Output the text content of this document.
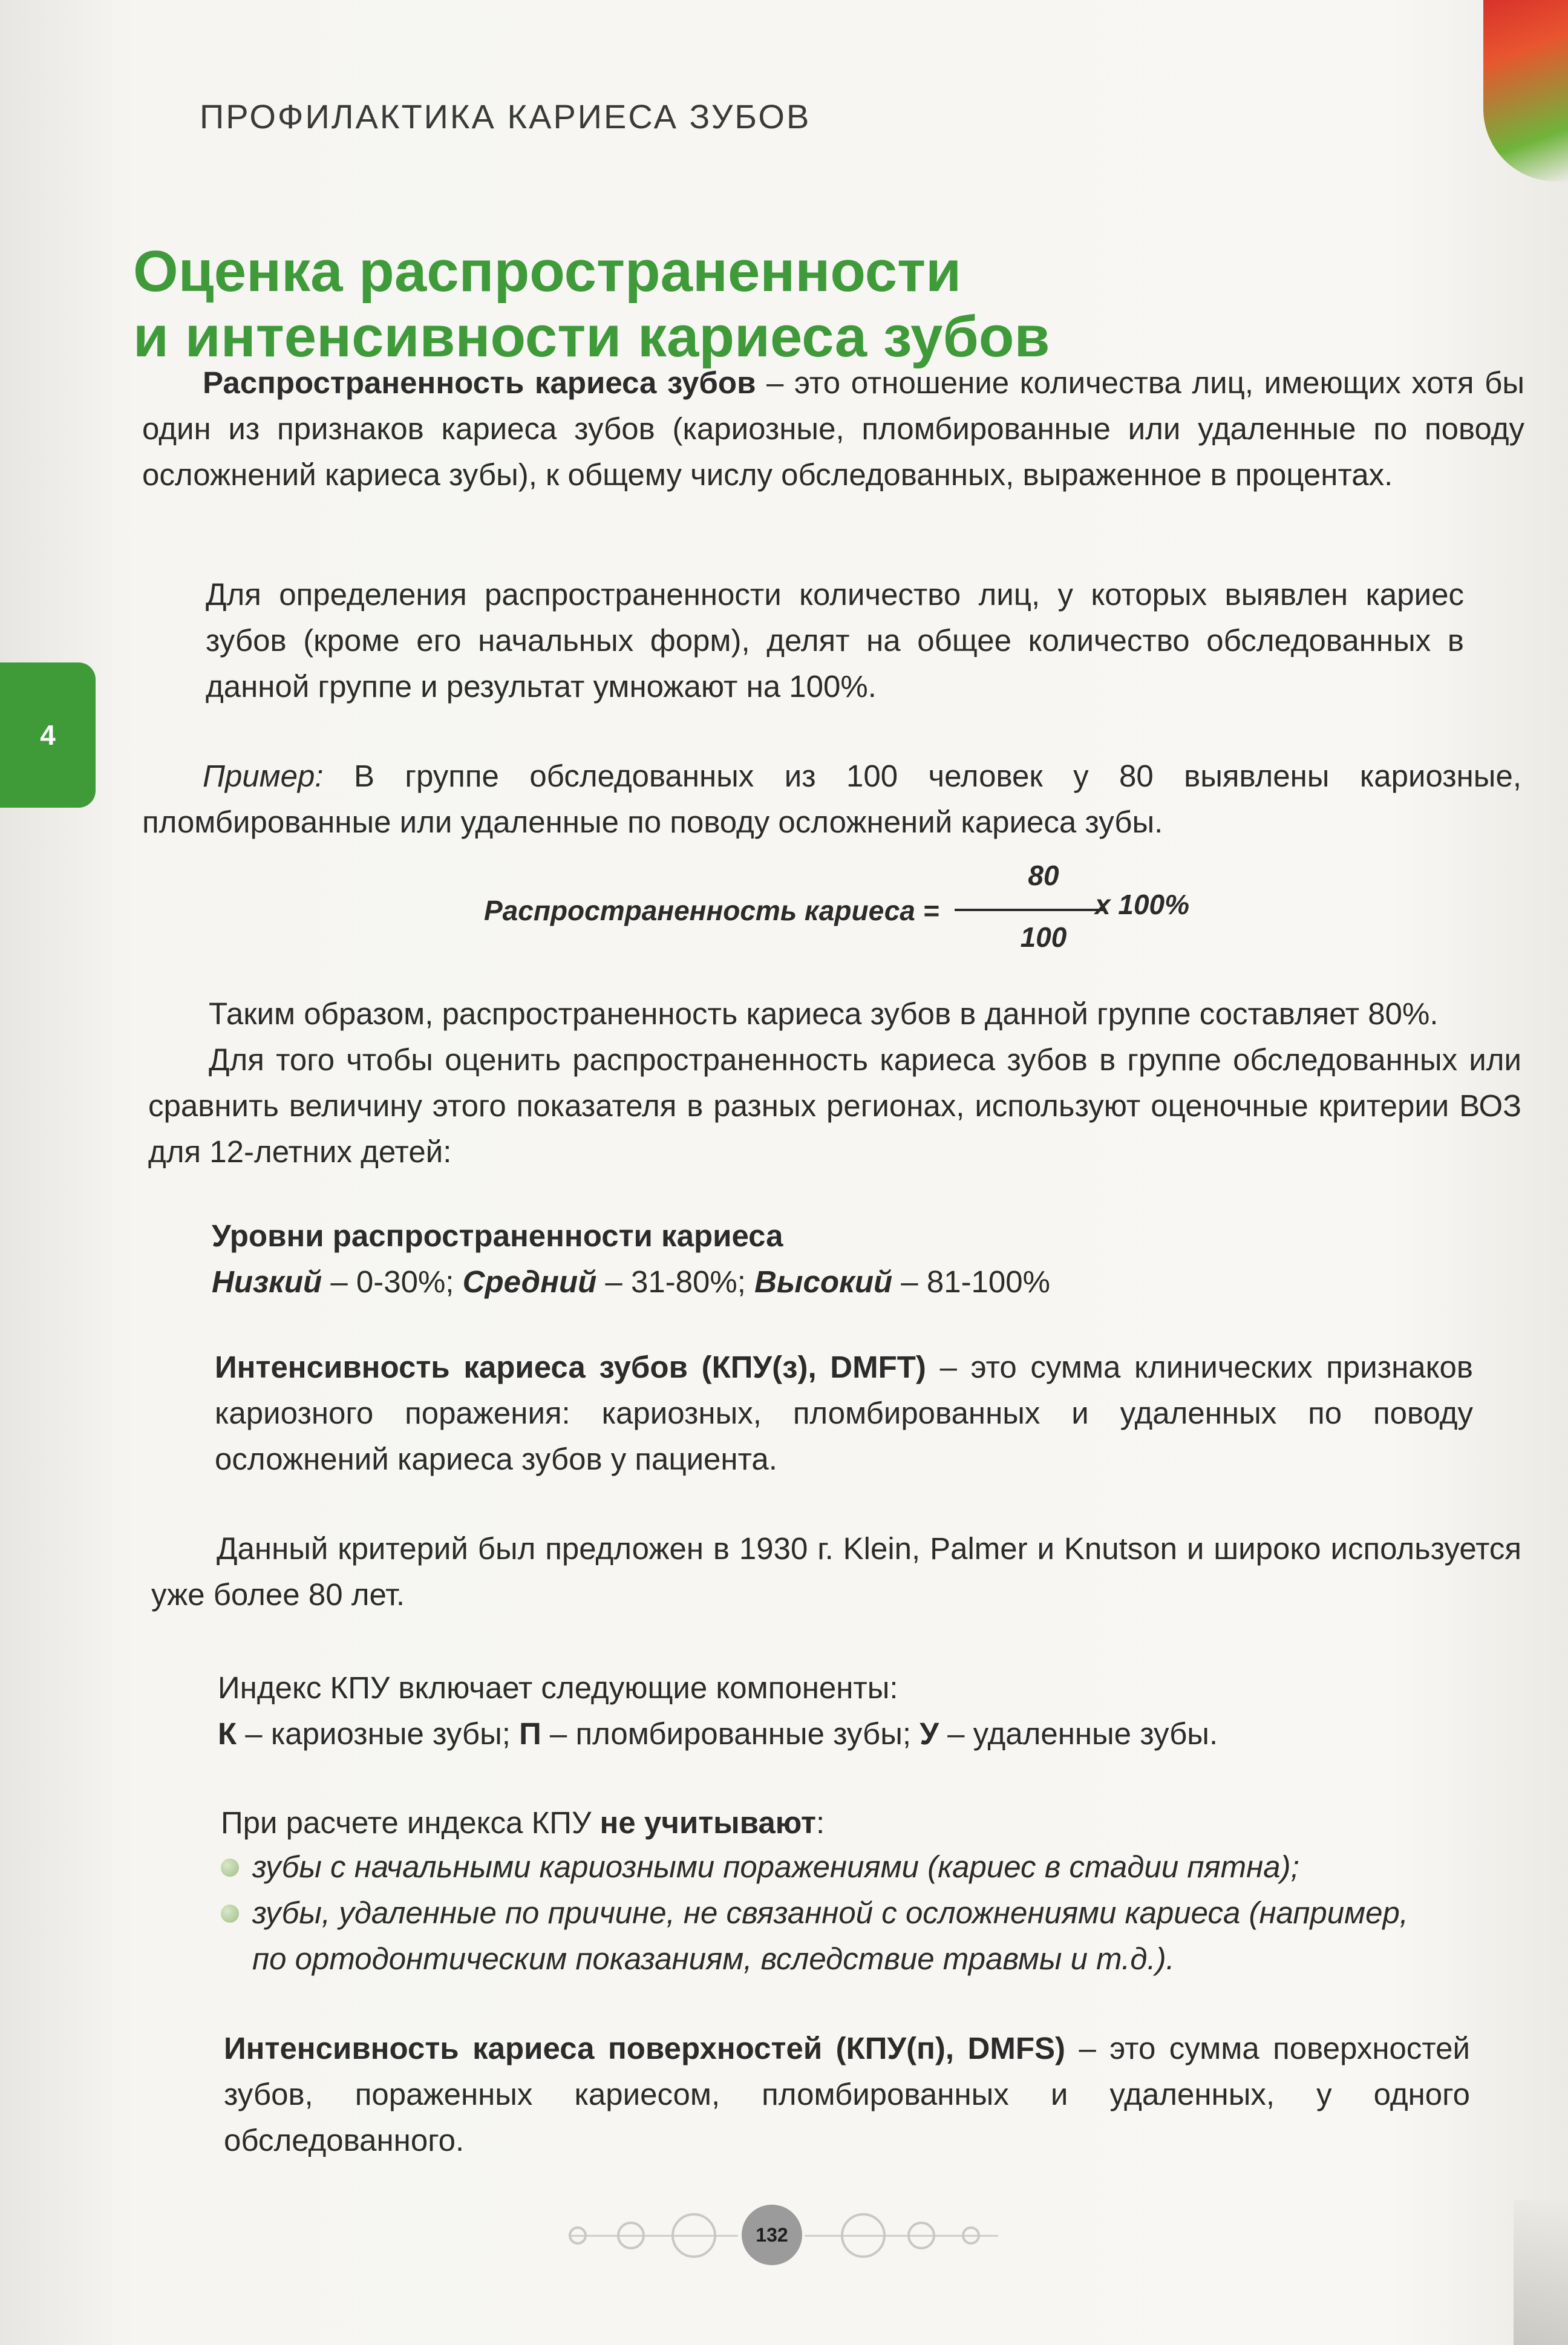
ПРОФИЛАКТИКА КАРИЕСА ЗУБОВ
Оценка распространенности
и интенсивности кариеса зубов
4

Распространенность кариеса зубов – это отношение количества лиц, имеющих хотя бы один из признаков кариеса зубов (кариозные, пломбированные или удаленные по поводу осложнений кариеса зубы), к общему числу обследованных, выраженное в процентах.

Для определения распространенности количество лиц, у которых выявлен кариес зубов (кроме его начальных форм), делят на общее количество обследованных в данной группе и результат умножают на 100%.

Пример: В группе обследованных из 100 человек у 80 выявлены кариозные, пломбированные или удаленные по поводу осложнений кариеса зубы.

Распространенность кариеса =
80
100
х 100%

Таким образом, распространенность кариеса зубов в данной группе составляет 80%.

Для того чтобы оценить распространенность кариеса зубов в группе обследованных или сравнить величину этого показателя в разных регионах, используют оценочные критерии ВОЗ для 12-летних детей:

Уровни распространенности кариеса
Низкий – 0-30%; Средний – 31-80%; Высокий – 81-100%

Интенсивность кариеса зубов (КПУ(з), DMFT) – это сумма клинических признаков кариозного поражения: кариозных, пломбированных и удаленных по поводу осложнений кариеса зубов у пациента.

Данный критерий был предложен в 1930 г. Klein, Palmer и Knutson и широко используется уже более 80 лет.

Индекс КПУ включает следующие компоненты:
К – кариозные зубы; П – пломбированные зубы; У – удаленные зубы.

При расчете индекса КПУ не учитывают:

зубы с начальными кариозными поражениями (кариес в стадии пятна);
зубы, удаленные по причине, не связанной с осложнениями кариеса (например, по ортодонтическим показаниям, вследствие травмы и т.д.).

Интенсивность кариеса поверхностей (КПУ(п), DMFS) – это сумма поверхностей зубов, пораженных кариесом, пломбированных и удаленных, у одного обследованного.

132
